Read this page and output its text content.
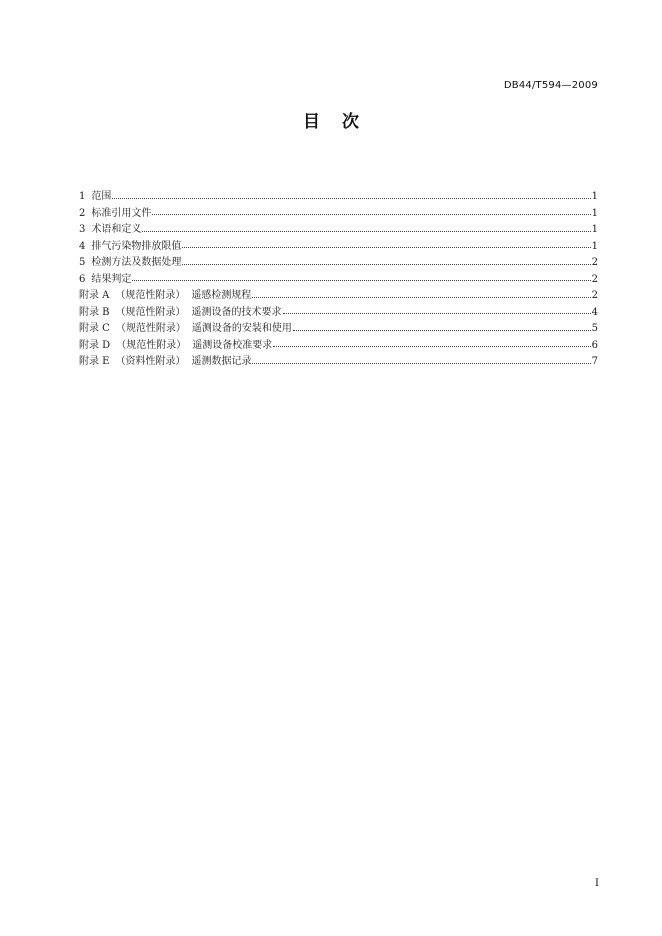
DB44/T594—2009
目 次
1 范围	1
2 标准引用文件	1
3 术语和定义	1
4 排气污染物排放限值	1
5 检测方法及数据处理	2
6 结果判定	2
附录 A （规范性附录） 遥感检测规程	2
附录 B （规范性附录） 遥测设备的技术要求	4
附录 C （规范性附录） 遥测设备的安装和使用	5
附录 D （规范性附录） 遥测设备校准要求	6
附录 E （资料性附录） 遥测数据记录	7
I
